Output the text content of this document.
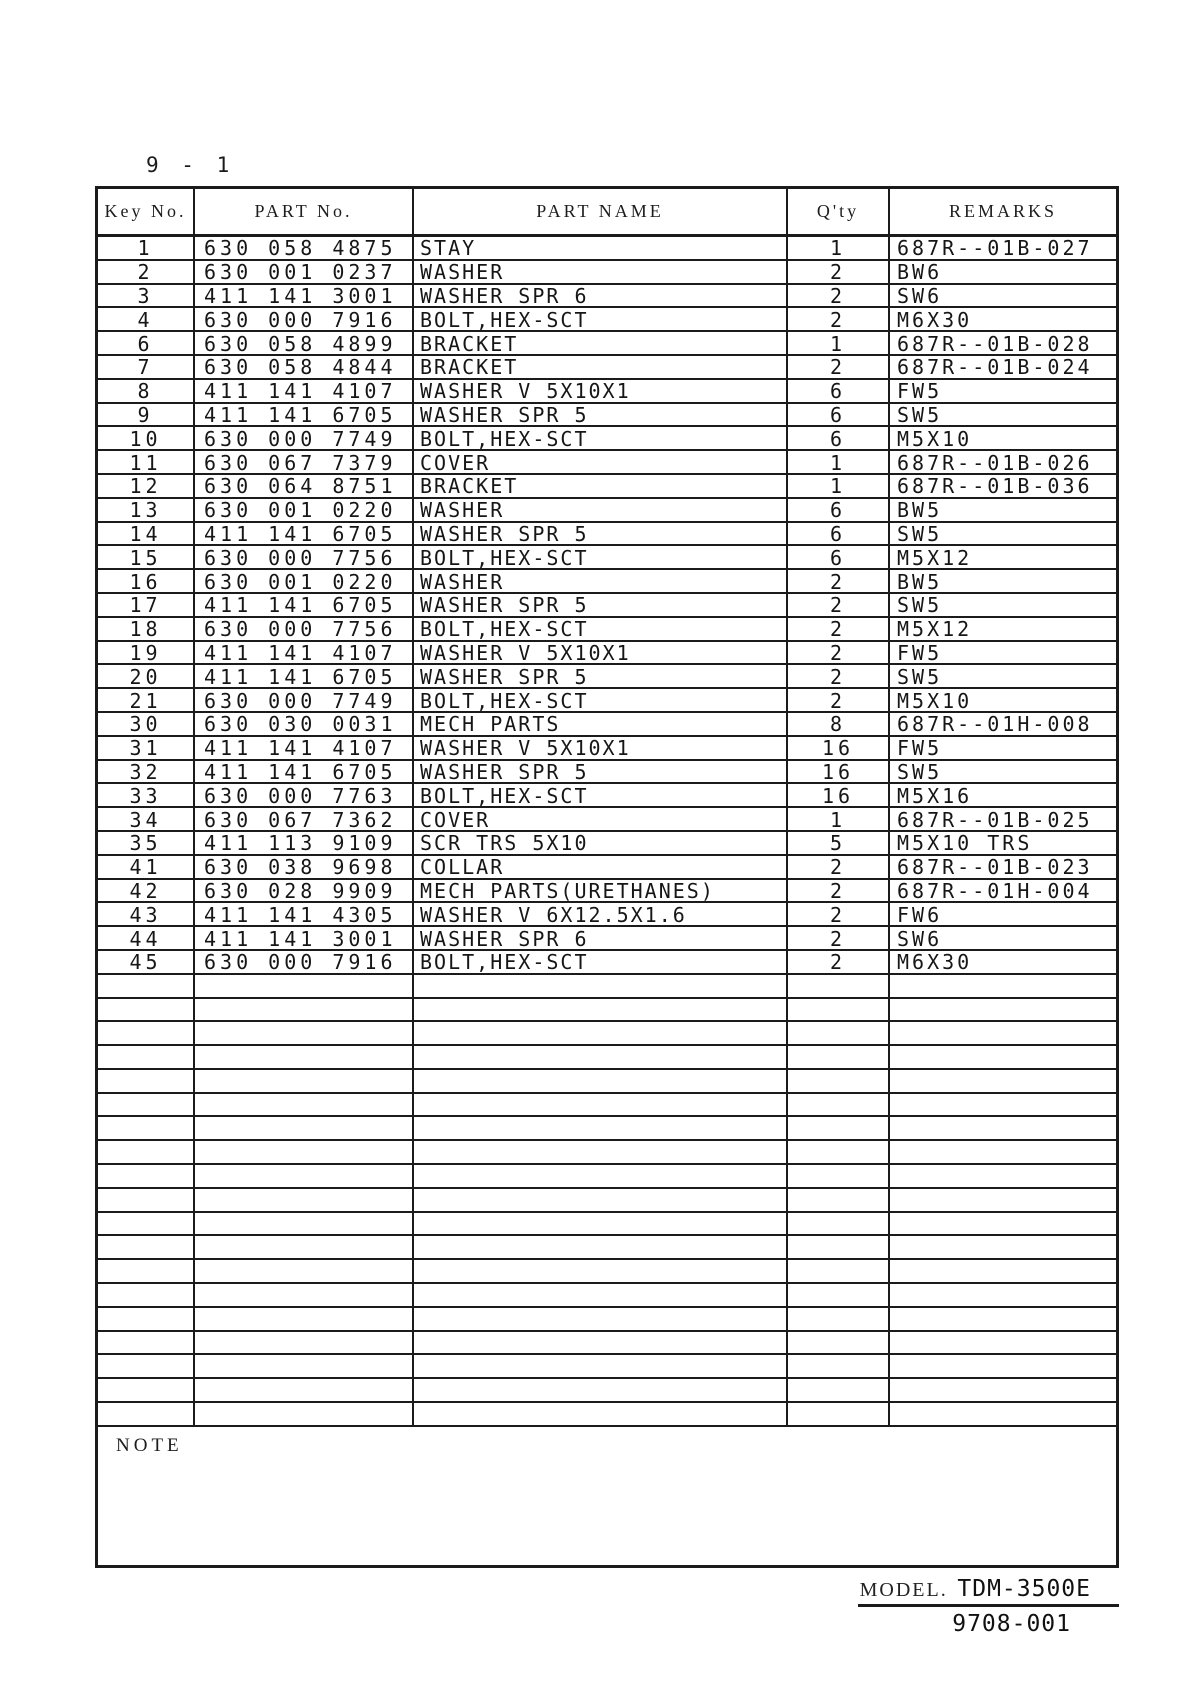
9 - 1
Key No.	PART No.	PART NAME	Q'ty	REMARKS
1	630 058 4875	STAY	1	687R--01B-027
2	630 001 0237	WASHER	2	BW6
3	411 141 3001	WASHER SPR 6	2	SW6
4	630 000 7916	BOLT,HEX-SCT	2	M6X30
6	630 058 4899	BRACKET	1	687R--01B-028
7	630 058 4844	BRACKET	2	687R--01B-024
8	411 141 4107	WASHER V 5X10X1	6	FW5
9	411 141 6705	WASHER SPR 5	6	SW5
10	630 000 7749	BOLT,HEX-SCT	6	M5X10
11	630 067 7379	COVER	1	687R--01B-026
12	630 064 8751	BRACKET	1	687R--01B-036
13	630 001 0220	WASHER	6	BW5
14	411 141 6705	WASHER SPR 5	6	SW5
15	630 000 7756	BOLT,HEX-SCT	6	M5X12
16	630 001 0220	WASHER	2	BW5
17	411 141 6705	WASHER SPR 5	2	SW5
18	630 000 7756	BOLT,HEX-SCT	2	M5X12
19	411 141 4107	WASHER V 5X10X1	2	FW5
20	411 141 6705	WASHER SPR 5	2	SW5
21	630 000 7749	BOLT,HEX-SCT	2	M5X10
30	630 030 0031	MECH PARTS	8	687R--01H-008
31	411 141 4107	WASHER V 5X10X1	16	FW5
32	411 141 6705	WASHER SPR 5	16	SW5
33	630 000 7763	BOLT,HEX-SCT	16	M5X16
34	630 067 7362	COVER	1	687R--01B-025
35	411 113 9109	SCR TRS 5X10	5	M5X10 TRS
41	630 038 9698	COLLAR	2	687R--01B-023
42	630 028 9909	MECH PARTS(URETHANES)	2	687R--01H-004
43	411 141 4305	WASHER V 6X12.5X1.6	2	FW6
44	411 141 3001	WASHER SPR 6	2	SW6
45	630 000 7916	BOLT,HEX-SCT	2	M6X30
NOTE
MODEL. TDM-3500E
9708-001
